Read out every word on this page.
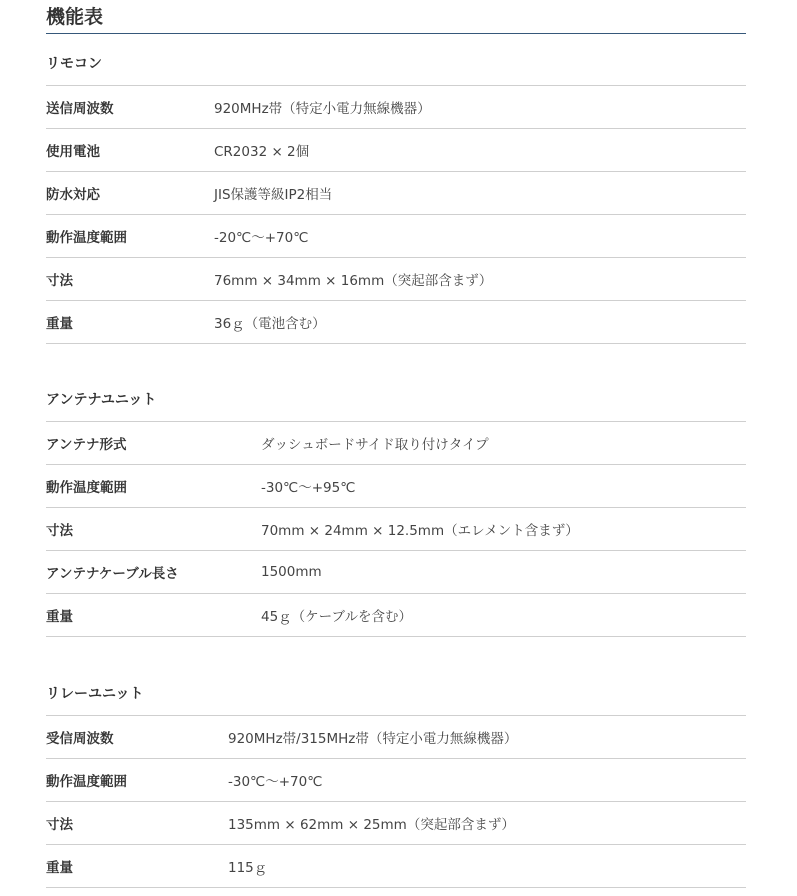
機能表
リモコン
送信周波数	920MHz帯（特定小電力無線機器）
使用電池	CR2032 × 2個
防水対応	JIS保護等級IP2相当
動作温度範囲	-20℃～+70℃
寸法	76mm × 34mm × 16mm（突起部含まず）
重量	36ｇ（電池含む）
アンテナユニット
アンテナ形式	ダッシュボードサイド取り付けタイプ
動作温度範囲	-30℃～+95℃
寸法	70mm × 24mm × 12.5mm（エレメント含まず）
アンテナケーブル長さ	1500mm
重量	45ｇ（ケーブルを含む）
リレーユニット
受信周波数	920MHz帯/315MHz帯（特定小電力無線機器）
動作温度範囲	-30℃～+70℃
寸法	135mm × 62mm × 25mm（突起部含まず）
重量	115ｇ
